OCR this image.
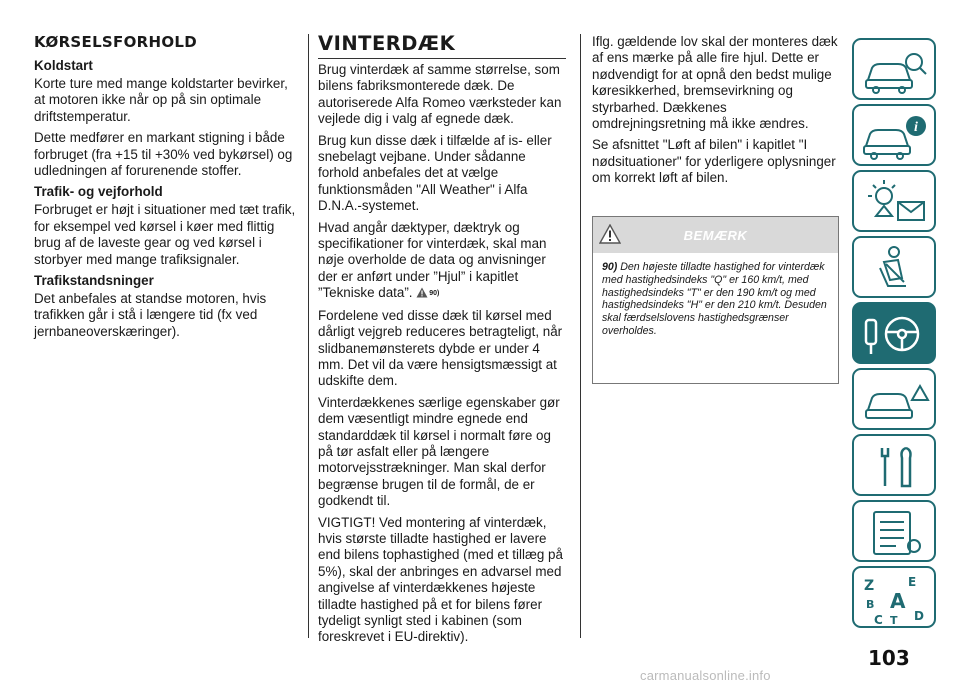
KØRSELSFORHOLD
Koldstart

Korte ture med mange koldstarter bevirker, at motoren ikke når op på sin optimale driftstemperatur.

Dette medfører en markant stigning i både forbruget (fra +15 til +30% ved bykørsel) og udledningen af forurenende stoffer.

Trafik- og vejforhold

Forbruget er højt i situationer med tæt trafik, for eksempel ved kørsel i køer med flittig brug af de laveste gear og ved kørsel i storbyer med mange trafiksignaler.

Trafikstandsninger

Det anbefales at standse motoren, hvis trafikken går i stå i længere tid (fx ved jernbaneoverskæringer).

VINTERDÆK

Brug vinterdæk af samme størrelse, som bilens fabriksmonterede dæk. De autoriserede Alfa Romeo værksteder kan vejlede dig i valg af egnede dæk.

Brug kun disse dæk i tilfælde af is- eller snebelagt vejbane. Under sådanne forhold anbefales det at vælge funktionsmåden "All Weather" i Alfa D.N.A.-systemet.

Hvad angår dæktyper, dæktryk og specifikationer for vinterdæk, skal man nøje overholde de data og anvisninger der er anført under ”Hjul” i kapitlet ”Tekniske data”. 90)

Fordelene ved disse dæk til kørsel med dårligt vejgreb reduceres betragteligt, når slidbanemønsterets dybde er under 4 mm. Det vil da være hensigtsmæssigt at udskifte dem.

Vinterdækkenes særlige egenskaber gør dem væsentligt mindre egnede end standarddæk til kørsel i normalt føre og på tør asfalt eller på længere motorvejsstrækninger. Man skal derfor begrænse brugen til de formål, de er godkendt til.

VIGTIGT! Ved montering af vinterdæk, hvis største tilladte hastighed er lavere end bilens tophastighed (med et tillæg på 5%), skal der anbringes en advarsel med angivelse af vinterdækkenes højeste tilladte hastighed på et for bilens fører tydeligt synligt sted i kabinen (som foreskrevet i EU-direktiv).

Iflg. gældende lov skal der monteres dæk af ens mærke på alle fire hjul. Dette er nødvendigt for at opnå den bedst mulige køresikkerhed, bremsevirkning og styrbarhed. Dækkenes omdrejningsretning må ikke ændres.

Se afsnittet "Løft af bilen" i kapitlet "I nødsituationer" for yderligere oplysninger om korrekt løft af bilen.

BEMÆRK
90) Den højeste tilladte hastighed for vinterdæk med hastighedsindeks "Q" er 160 km/t, med hastighedsindeks "T" er den 190 km/t og med hastighedsindeks "H" er den 210 km/t. Desuden skal færdselslovens hastighedsgrænser overholdes.
i
Z	E
B A
C T D
103
carmanualsonline.info
